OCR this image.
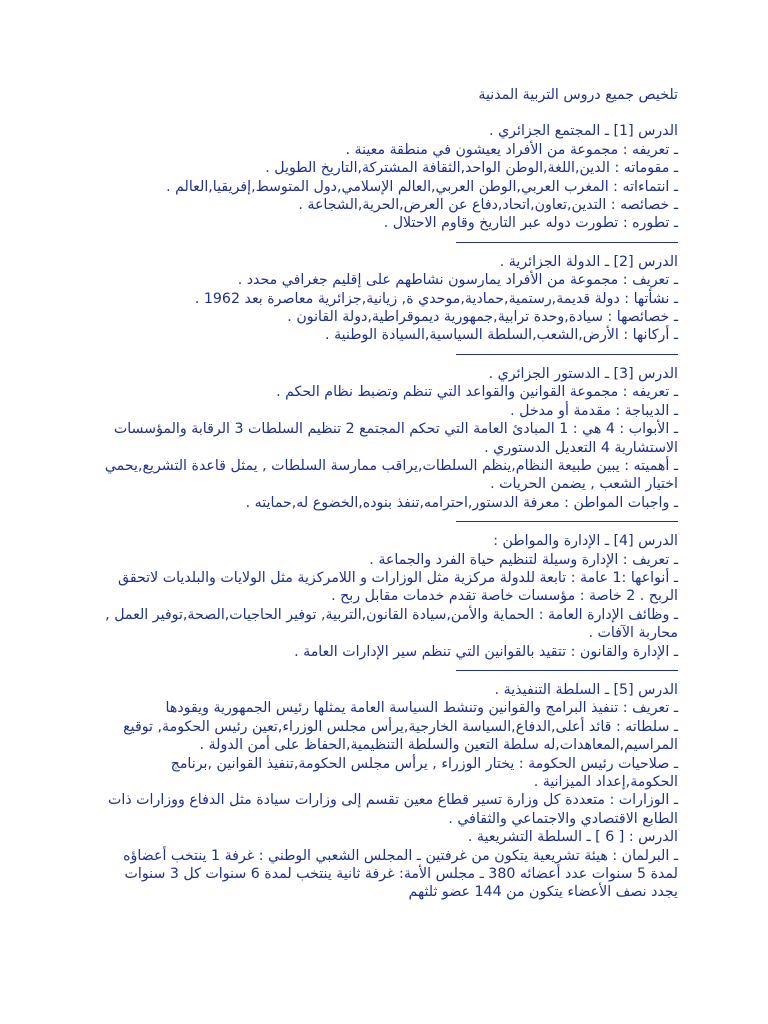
تلخيص جميع دروس التربية المدنية

الدرس [1] ـ المجتمع الجزائري .

ـ تعريفه : مجموعة من الأفراد يعيشون في منطقة معينة .

ـ مقوماته : الدين,اللغة,الوطن الواحد,الثقافة المشتركة,التاريخ الطويل .

ـ انتماءاته : المغرب العربي,الوطن العربي,العالم الإسلامي,دول المتوسط,إفريقيا,العالم .

ـ خصائصه : التدين,تعاون,اتحاد,دفاع عن العرض,الحرية,الشجاعة .

ـ تطوره : تطورت دوله عبر التاريخ وقاوم الاحتلال .

الدرس [2] ـ الدولة الجزائرية .

ـ تعريف : مجموعة من الأفراد يمارسون نشاطهم على إقليم جغرافي محدد .

ـ نشأتها : دولة قديمة,رستمية,حمادية,موحدي ة, زيانية,جزائرية معاصرة بعد 1962 .

ـ خصائصها : سيادة,وحدة ترابية,جمهورية ديموقراطية,دولة القانون .

ـ أركانها : الأرض,الشعب,السلطة السياسية,السيادة الوطنية .

الدرس [3] ـ الدستور الجزائري .

ـ تعريفه : مجموعة القوانين والقواعد التي تنظم وتضبط نظام الحكم .

ـ الديباجة : مقدمة أو مدخل .

ـ الأبواب : 4 هي : 1 المبادئ العامة التي تحكم المجتمع 2 تنظيم السلطات 3 الرقابة والمؤسسات الاستشارية 4 التعديل الدستوري .

ـ أهميته : يبين طبيعة النظام,ينظم السلطات,يراقب ممارسة السلطات , يمثل قاعدة التشريع,يحمي اختيار الشعب , يضمن الحريات .

ـ واجبات المواطن : معرفة الدستور,احترامه,تنفذ بنوده,الخضوع له,حمايته .

الدرس [4] ـ الإدارة والمواطن :

ـ تعريف : الإدارة وسيلة لتنظيم حياة الفرد والجماعة .

ـ أنواعها :1 عامة : تابعة للدولة مركزية مثل الوزارات و اللامركزية مثل الولايات والبلديات لاتحقق الربح . 2 خاصة : مؤسسات خاصة تقدم خدمات مقابل ربح .

ـ وظائف الإدارة العامة : الحماية والأمن,سيادة القانون,التربية, توفير الحاجيات,الصحة,توفير العمل , محاربة الآفات .

ـ الإدارة والقانون : تتقيد بالقوانين التي تنظم سير الإدارات العامة .

الدرس [5] ـ السلطة التنفيذية .

ـ تعريف : تنفيذ البرامج والقوانين وتنشط السياسة العامة يمثلها رئيس الجمهورية ويقودها

ـ سلطاته : قائد أعلى,الدفاع,السياسة الخارجية,يرأس مجلس الوزراء,تعين رئيس الحكومة, توقيع المراسيم,المعاهدات,له سلطة التعين والسلطة التنظيمية,الحفاظ على أمن الدولة .

ـ صلاحيات رئيس الحكومة : يختار الوزراء , يرأس مجلس الحكومة,تنفيذ القوانين ,برنامج الحكومة,إعداد الميزانية .

ـ الوزارات : متعددة كل وزارة تسير قطاع معين تقسم إلى وزارات سيادة مثل الدفاع ووزارات ذات الطابع الاقتصادي والاجتماعي والثقافي .

الدرس : [ 6 ] ـ السلطة التشريعية .

ـ البرلمان : هيئة تشريعية يتكون من غرفتين ـ المجلس الشعبي الوطني : غرفة 1 ينتخب أعضاؤه لمدة 5 سنوات عدد أعضائه 380 ـ مجلس الأمة: غرفة ثانية ينتخب لمدة 6 سنوات كل 3 سنوات يجدد نصف الأعضاء يتكون من 144 عضو ثلثهم
